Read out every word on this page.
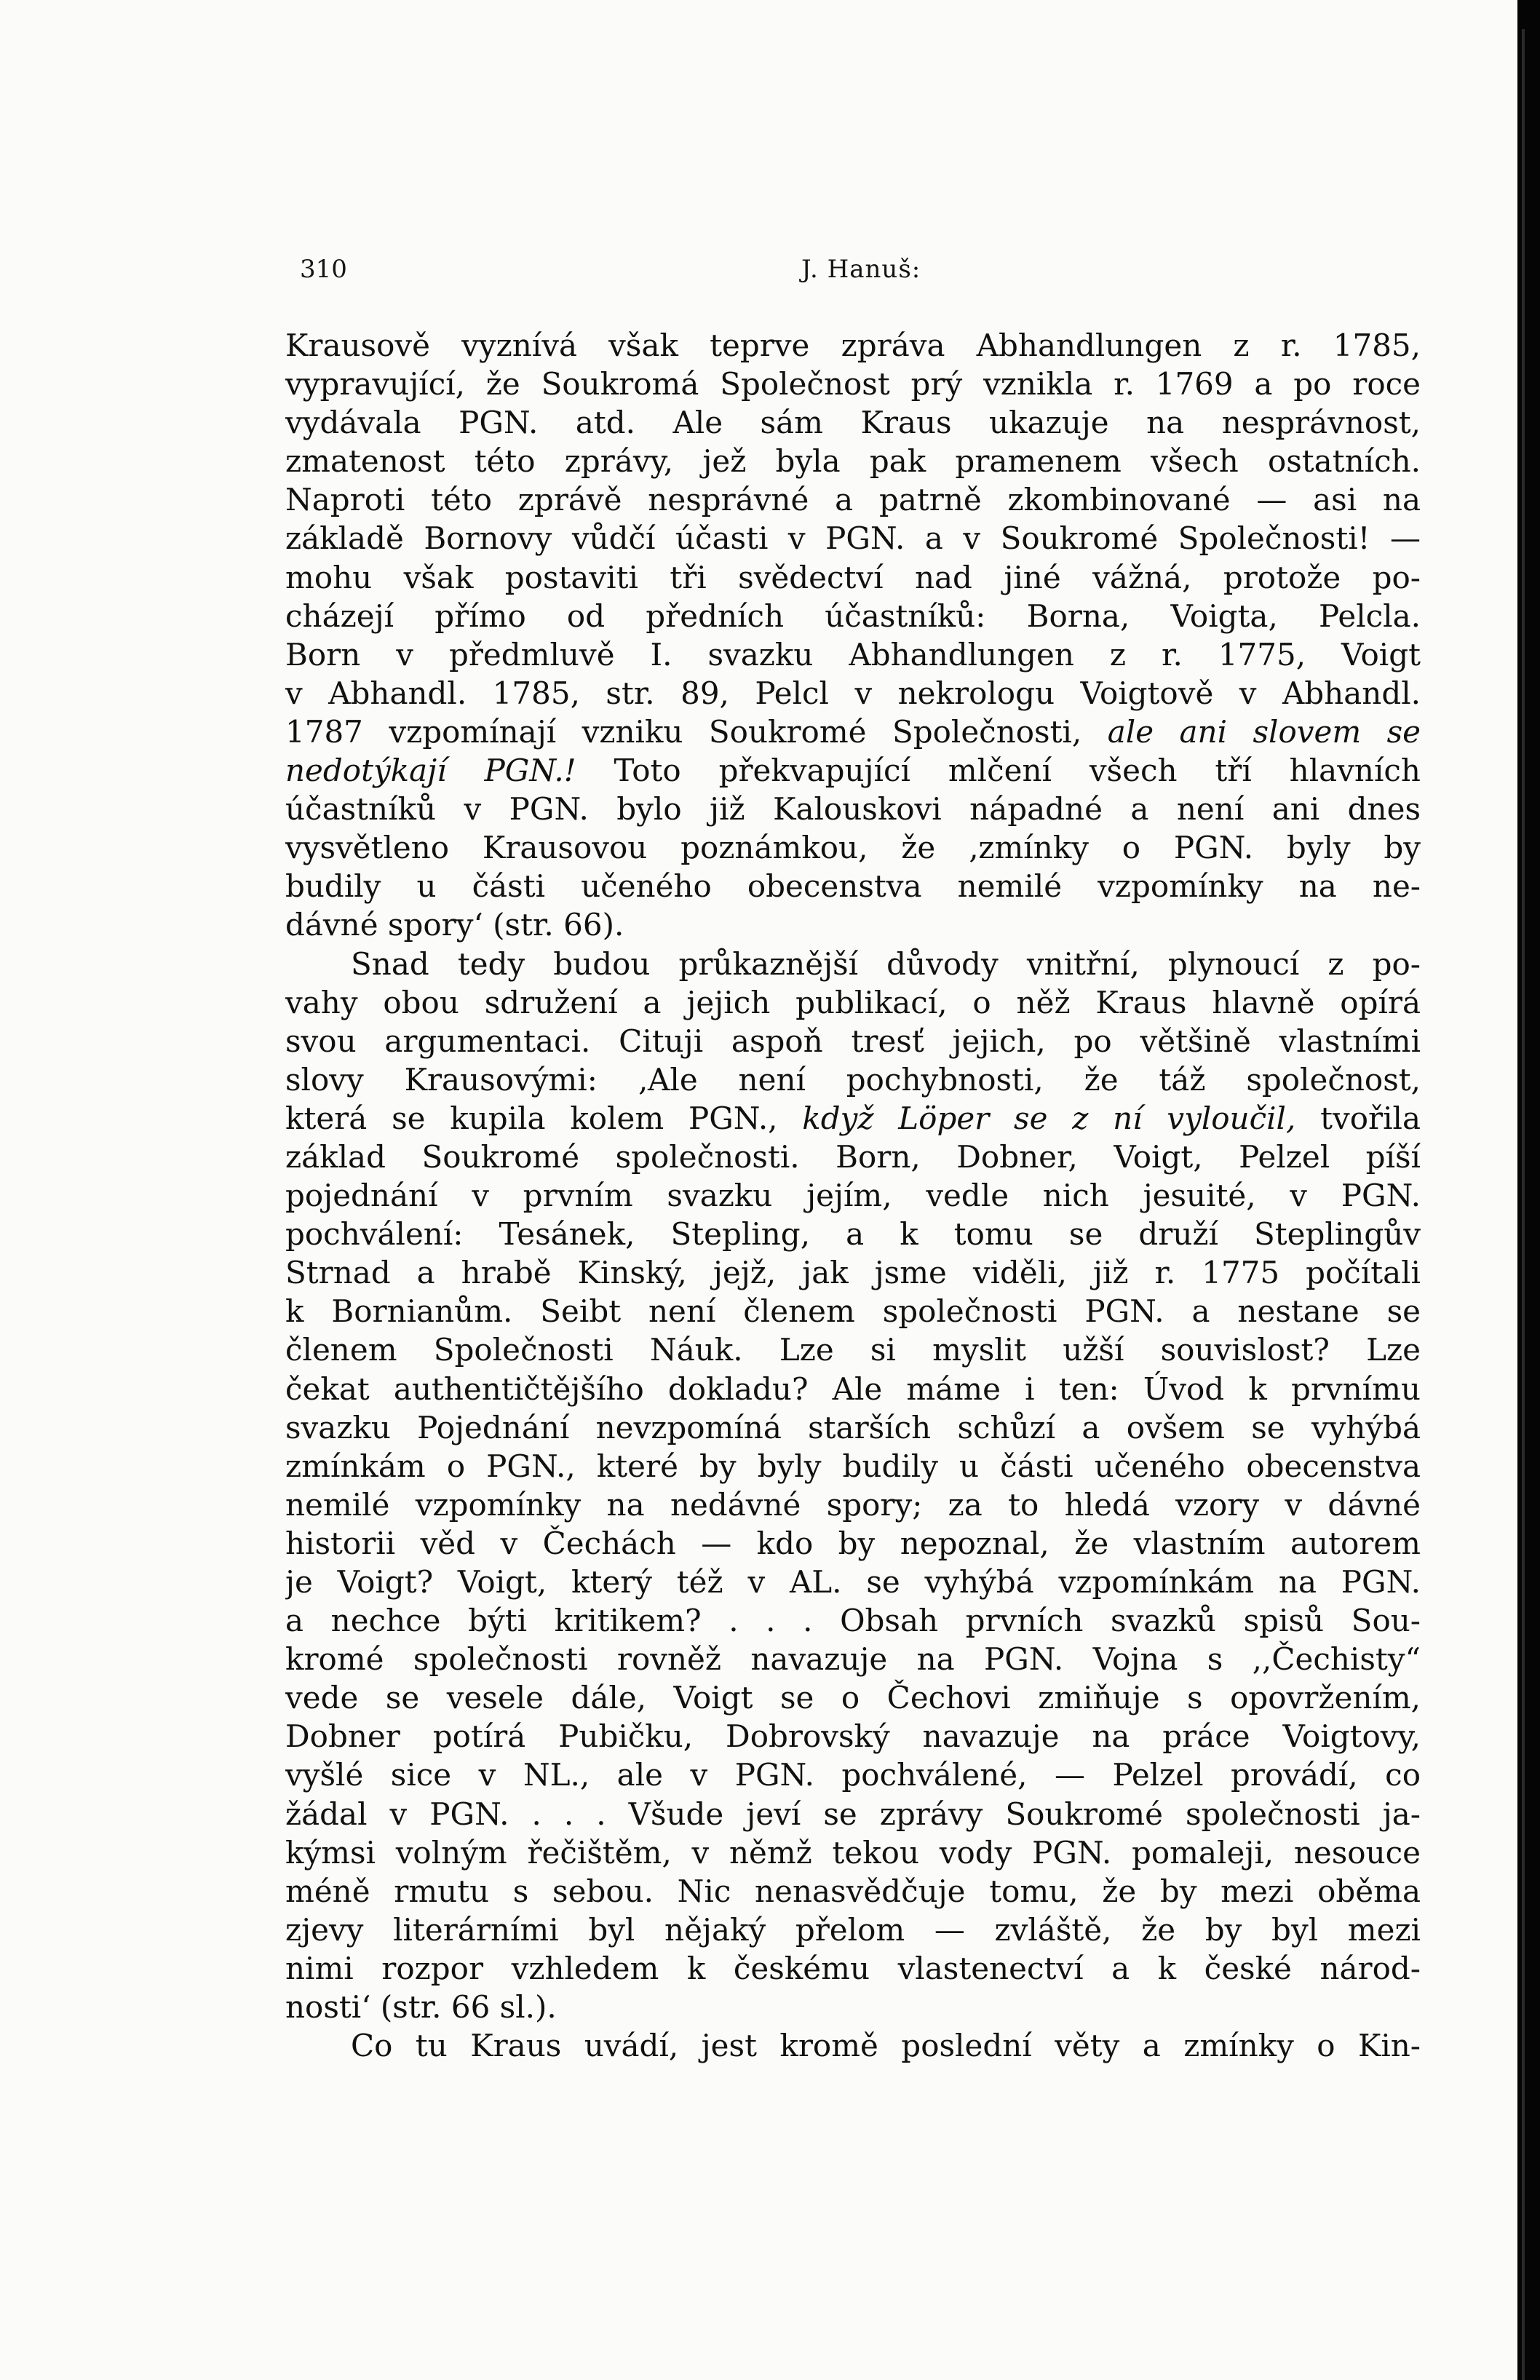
310	J. Hanuš:
Krausově vyznívá však teprve zpráva Abhandlungen z r. 1785,
vypravující, že Soukromá Společnost prý vznikla r. 1769 a po roce
vydávala PGN. atd. Ale sám Kraus ukazuje na nesprávnost,
zmatenost této zprávy, jež byla pak pramenem všech ostatních.
Naproti této zprávě nesprávné a patrně zkombinované — asi na
základě Bornovy vůdčí účasti v PGN. a v Soukromé Společnosti! —
mohu však postaviti tři svědectví nad jiné vážná, protože po-
cházejí přímo od předních účastníků: Borna, Voigta, Pelcla.
Born v předmluvě I. svazku Abhandlungen z r. 1775, Voigt
v Abhandl. 1785, str. 89, Pelcl v nekrologu Voigtově v Abhandl.
1787 vzpomínají vzniku Soukromé Společnosti, ale ani slovem se
nedotýkají PGN.! Toto překvapující mlčení všech tří hlavních
účastníků v PGN. bylo již Kalouskovi nápadné a není ani dnes
vysvětleno Krausovou poznámkou, že ‚zmínky o PGN. byly by
budily u části učeného obecenstva nemilé vzpomínky na ne-
dávné spory‘ (str. 66).
Snad tedy budou průkaznější důvody vnitřní, plynoucí z po-
vahy obou sdružení a jejich publikací, o něž Kraus hlavně opírá
svou argumentaci. Cituji aspoň tresť jejich, po většině vlastními
slovy Krausovými: ‚Ale není pochybnosti, že táž společnost,
která se kupila kolem PGN., když Löper se z ní vyloučil, tvořila
základ Soukromé společnosti. Born, Dobner, Voigt, Pelzel píší
pojednání v prvním svazku jejím, vedle nich jesuité, v PGN.
pochválení: Tesánek, Stepling, a k tomu se druží Steplingův
Strnad a hrabě Kinský, jejž, jak jsme viděli, již r. 1775 počítali
k Bornianům. Seibt není členem společnosti PGN. a nestane se
členem Společnosti Náuk. Lze si myslit užší souvislost? Lze
čekat authentičtějšího dokladu? Ale máme i ten: Úvod k prvnímu
svazku Pojednání nevzpomíná starších schůzí a ovšem se vyhýbá
zmínkám o PGN., které by byly budily u části učeného obecenstva
nemilé vzpomínky na nedávné spory; za to hledá vzory v dávné
historii věd v Čechách — kdo by nepoznal, že vlastním autorem
je Voigt? Voigt, který též v AL. se vyhýbá vzpomínkám na PGN.
a nechce býti kritikem? . . . Obsah prvních svazků spisů Sou-
kromé společnosti rovněž navazuje na PGN. Vojna s ,,Čechisty“
vede se vesele dále, Voigt se o Čechovi zmiňuje s opovržením,
Dobner potírá Pubičku, Dobrovský navazuje na práce Voigtovy,
vyšlé sice v NL., ale v PGN. pochválené, — Pelzel provádí, co
žádal v PGN. . . . Všude jeví se zprávy Soukromé společnosti ja-
kýmsi volným řečištěm, v němž tekou vody PGN. pomaleji, nesouce
méně rmutu s sebou. Nic nenasvědčuje tomu, že by mezi oběma
zjevy literárními byl nějaký přelom — zvláště, že by byl mezi
nimi rozpor vzhledem k českému vlastenectví a k české národ-
nosti‘ (str. 66 sl.).
Co tu Kraus uvádí, jest kromě poslední věty a zmínky o Kin-
